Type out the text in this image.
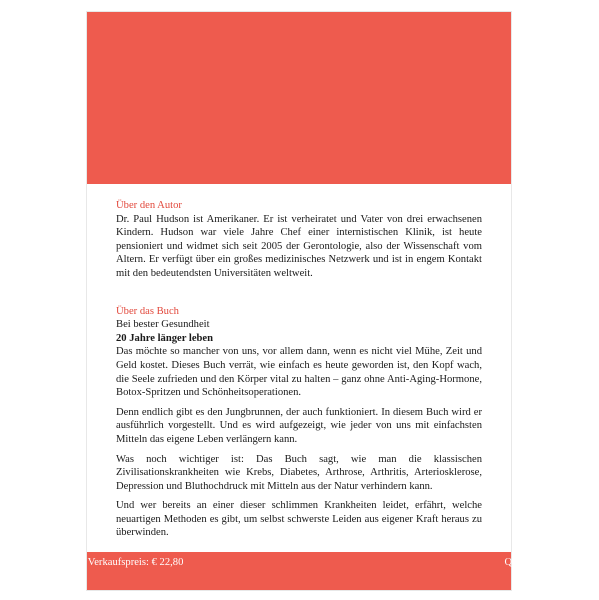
Über den Autor

Dr. Paul Hudson ist Amerikaner. Er ist verheiratet und Vater von drei erwachsenen Kindern. Hudson war viele Jahre Chef einer internistischen Klinik, ist heute pensioniert und widmet sich seit 2005 der Gerontologie, also der Wissenschaft vom Altern. Er verfügt über ein großes medizinisches Netzwerk und ist in engem Kontakt mit den bedeutendsten Universitäten weltweit.

Über das Buch

Bei bester Gesundheit

20 Jahre länger leben

Das möchte so mancher von uns, vor allem dann, wenn es nicht viel Mühe, Zeit und Geld kostet. Dieses Buch verrät, wie einfach es heute geworden ist, den Kopf wach, die Seele zufrieden und den Körper vital zu halten – ganz ohne Anti-Aging-Hormone, Botox-Spritzen und Schönheitsoperationen.

Denn endlich gibt es den Jungbrunnen, der auch funktioniert. In diesem Buch wird er ausführlich vorgestellt. Und es wird aufgezeigt, wie jeder von uns mit einfachsten Mitteln das eigene Leben verlängern kann.

Was noch wichtiger ist: Das Buch sagt, wie man die klassischen Zivilisationskrankheiten wie Krebs, Diabetes, Arthrose, Arthritis, Arteriosklerose, Depression und Bluthochdruck mit Mitteln aus der Natur verhindern kann.

Und wer bereits an einer dieser schlimmen Krankheiten leidet, erfährt, welche neuartigen Methoden es gibt, um selbst schwerste Leiden aus eigener Kraft heraus zu überwinden.

Empfohlener Verkaufspreis: € 22,80	Quality Counts
